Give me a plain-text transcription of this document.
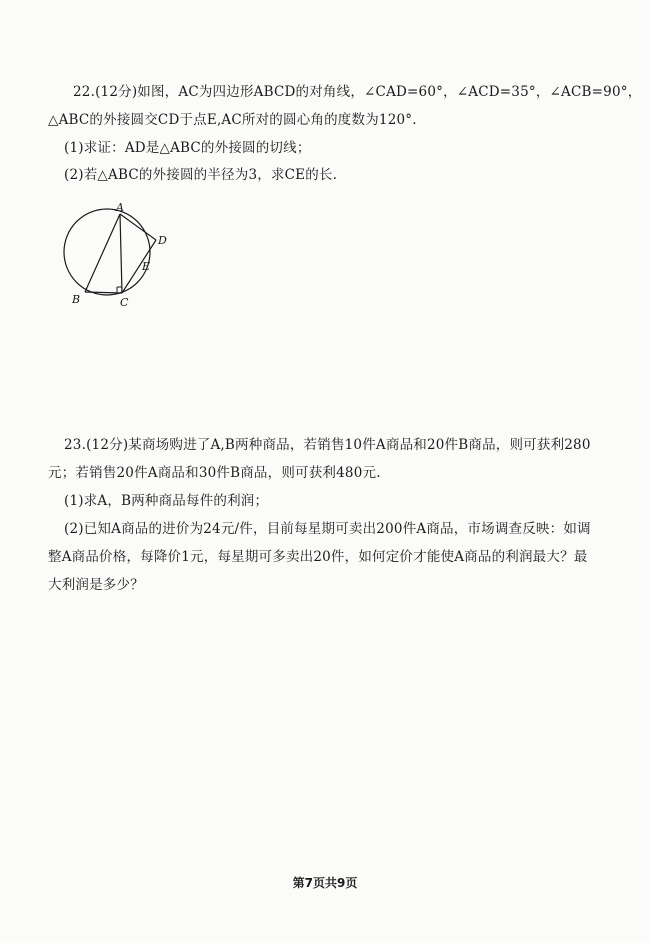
22.(12分)如图，AC为四边形ABCD的对角线，∠CAD=60°，∠ACD=35°，∠ACB=90°，
△ABC的外接圆交CD于点E,AC所对的圆心角的度数为120°.
(1)求证：AD是△ABC的外接圆的切线；
(2)若△ABC的外接圆的半径为3，求CE的长.
A
B	C
D
E
23.(12分)某商场购进了A,B两种商品，若销售10件A商品和20件B商品，则可获利280
元；若销售20件A商品和30件B商品，则可获利480元.
(1)求A，B两种商品每件的利润；
(2)已知A商品的进价为24元/件，目前每星期可卖出200件A商品，市场调查反映：如调
整A商品价格，每降价1元，每星期可多卖出20件，如何定价才能使A商品的利润最大？最
大利润是多少？
第7页共9页
